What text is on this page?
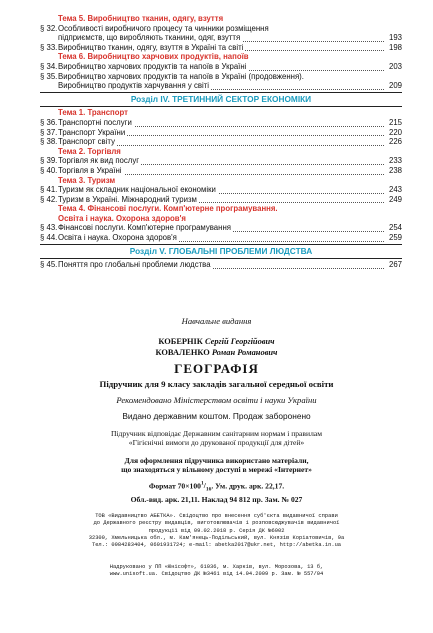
Тема 5. Виробництво тканин, одягу, взуття
§ 32. Особливості виробничого процесу та чинники розміщення
підприємств, що виробляють тканини, одяг, взуття	193
§ 33. Виробництво тканин, одягу, взуття в Україні та світі	198
Тема 6. Виробництво харчових продуктів, напоїв
§ 34. Виробництво харчових продуктів та напоїв в Україні	203
§ 35. Виробництво харчових продуктів та напоїв в Україні (продовження).
Виробництво продуктів харчування у світі	209
Розділ IV. ТРЕТИННИЙ СЕКТОР ЕКОНОМІКИ
Тема 1. Транспорт
§ 36. Транспортні послуги	215
§ 37. Транспорт України	220
§ 38. Транспорт світу	226
Тема 2. Торгівля
§ 39. Торгівля як вид послуг	233
§ 40. Торгівля в Україні	238
Тема 3. Туризм
§ 41. Туризм як складник національної економіки	243
§ 42. Туризм в Україні. Міжнародний туризм	249
Тема 4. Фінансові послуги. Комп'ютерне програмування.
Освіта і наука. Охорона здоров'я
§ 43. Фінансові послуги. Комп'ютерне програмування	254
§ 44. Освіта і наука. Охорона здоров'я	259
Розділ V. ГЛОБАЛЬНІ ПРОБЛЕМИ ЛЮДСТВА
§ 45. Поняття про глобальні проблеми людства	267
Навчальне видання
КОБЕРНІК Сергій Георгійович
КОВАЛЕНКО Роман Романович
ГЕОГРАФІЯ
Підручник для 9 класу закладів загальної середньої освіти
Рекомендовано Міністерством освіти і науки України
Видано державним коштом. Продаж заборонено
Підручник відповідає Державним санітарним нормам і правилам
«Гігієнічні вимоги до друкованої продукції для дітей»
Для оформлення підручника використано матеріали,
що знаходяться у вільному доступі в мережі «Інтернет»
Формат $70\times 100^1/_{16}$. Ум. друк. арк. 22,17.
Обл.-вид. арк. 21,11. Наклад 94 812 пр. Зам. № 027
ТОВ «Видавництво АБЕТКА». Свідоцтво про внесення суб'єкта видавничої справи
до Державного реєстру видавців, виготовлювачів і розповсюджувачів видавничої
продукції від 09.02.2018 р. Серія ДК №6002
32300, Хмельницька обл., м. Кам'янець-Подільський, вул. Князів Коріатовичів, 9а
Тел.: 0984283404, 0601931724; e-mail: abetka2017@ukr.net, http://abetka.in.ua
Надруковано у ПП «Юнісофт», 61036, м. Харків, вул. Морозова, 13 б,
www.unisoft.ua. Свідоцтво ДК №3461 від 14.04.2009 р. Зам. № 557/04
